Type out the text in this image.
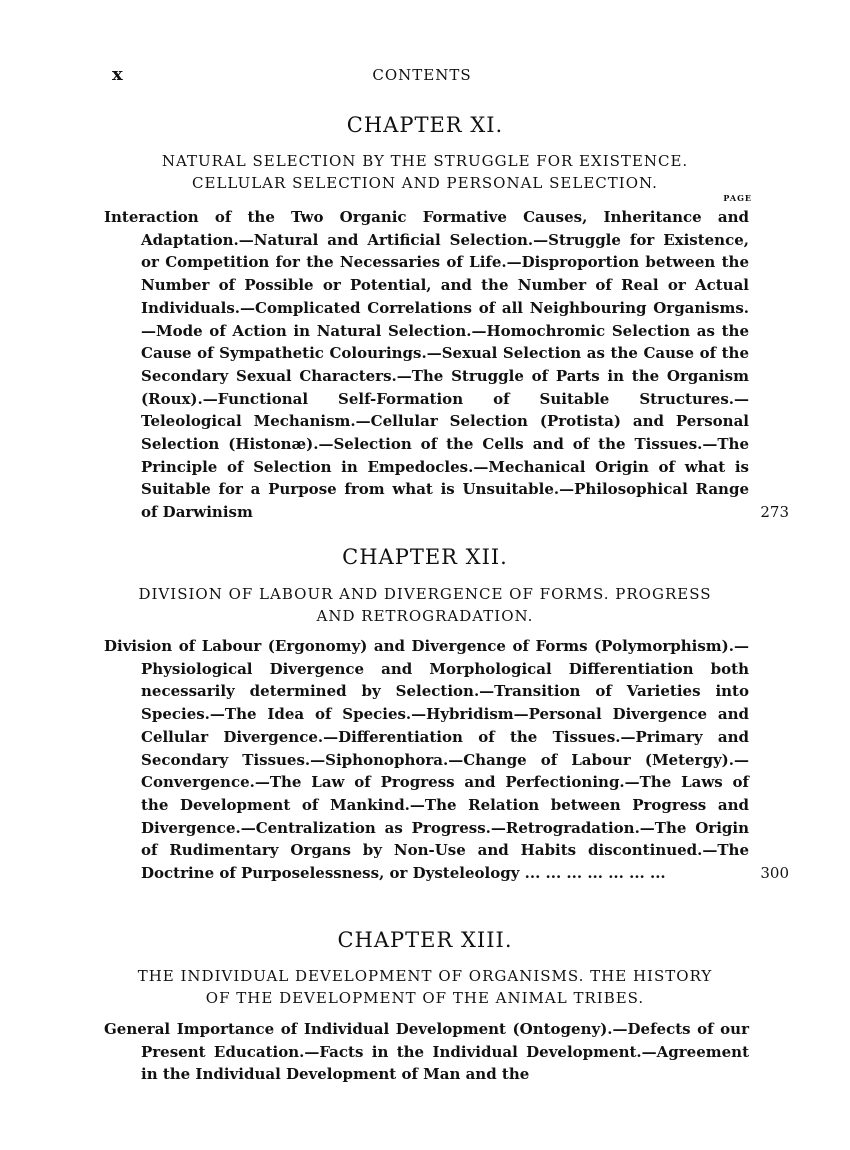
x	CONTENTS
CHAPTER XI.
NATURAL SELECTION BY THE STRUGGLE FOR EXISTENCE.
CELLULAR SELECTION AND PERSONAL SELECTION.
PAGE

Interaction of the Two Organic Formative Causes, Inheritance and Adaptation.—Natural and Artificial Selection.—Struggle for Existence, or Competition for the Necessaries of Life.—Disproportion between the Number of Possible or Potential, and the Number of Real or Actual Individuals.—Complicated Correlations of all Neighbouring Organisms.—Mode of Action in Natural Selection.—Homochromic Selection as the Cause of Sympathetic Colourings.—Sexual Selection as the Cause of the Secondary Sexual Characters.—The Struggle of Parts in the Organism (Roux).—Functional Self-Formation of Suitable Structures.—Teleological Mechanism.—Cellular Selection (Protista) and Personal Selection (Histonæ).—Selection of the Cells and of the Tissues.—The Principle of Selection in Empedocles.—Mechanical Origin of what is Suitable for a Purpose from what is Unsuitable.—Philosophical Range of Darwinism	273

CHAPTER XII.
DIVISION OF LABOUR AND DIVERGENCE OF FORMS. PROGRESS
AND RETROGRADATION.

Division of Labour (Ergonomy) and Divergence of Forms (Polymorphism).—Physiological Divergence and Morphological Differentiation both necessarily determined by Selection.—Transition of Varieties into Species.—The Idea of Species.—Hybridism—Personal Divergence and Cellular Divergence.—Differentiation of the Tissues.—Primary and Secondary Tissues.—Siphonophora.—Change of Labour (Metergy).—Convergence.—The Law of Progress and Perfectioning.—The Laws of the Development of Mankind.—The Relation between Progress and Divergence.—Centralization as Progress.—Retrogradation.—The Origin of Rudimentary Organs by Non-Use and Habits discontinued.—The Doctrine of Purposelessness, or Dysteleology ... ... ... ... ... ... ...	300

CHAPTER XIII.
THE INDIVIDUAL DEVELOPMENT OF ORGANISMS. THE HISTORY
OF THE DEVELOPMENT OF THE ANIMAL TRIBES.

General Importance of Individual Development (Ontogeny).—Defects of our Present Education.—Facts in the Individual Development.—Agreement in the Individual Development of Man and the
